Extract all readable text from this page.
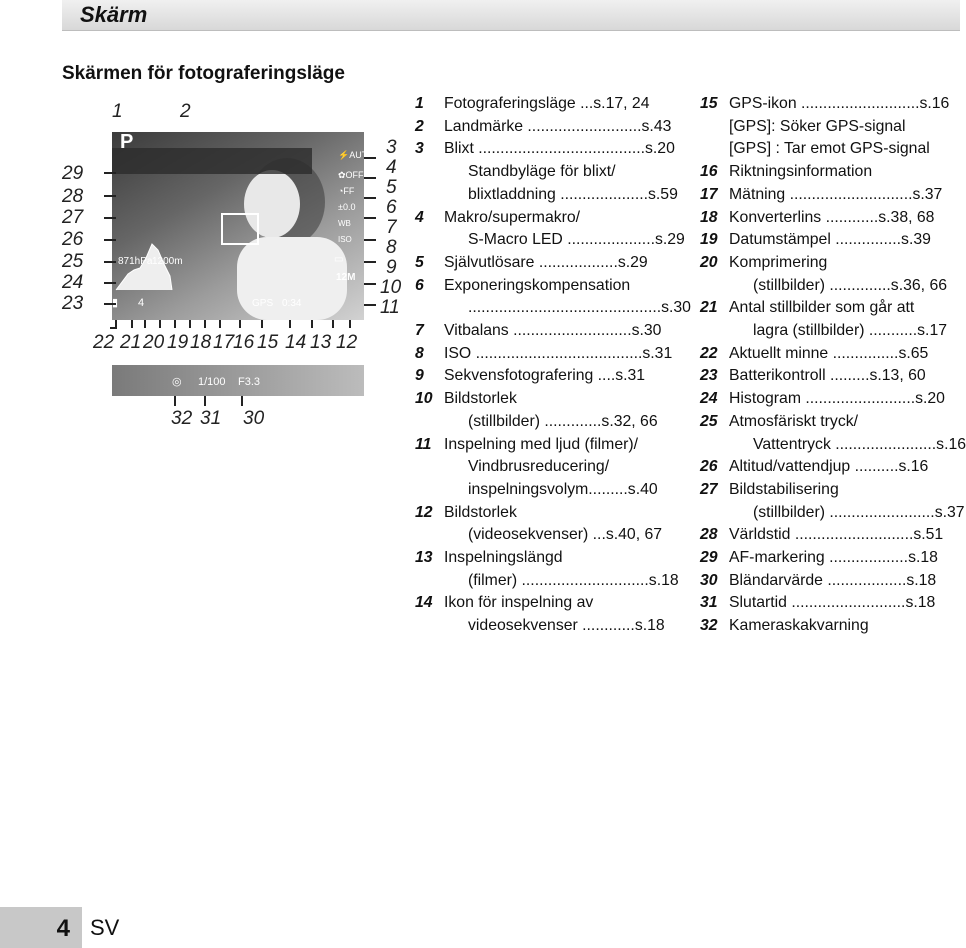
Skärm
Skärmen för fotograferingsläge
P
⚡AUTO
✿OFF
◔FF
±0.0
WB
ISO
▭
12M
871hPa 1200m
4	0:34
▮	GPS
◎ 1/100 F3.3
1	2
3
4
5
6
7
8
9
10
11
12
13
14
15
16
17
18
19
20
21
22
23
24
25
26
27
28
29
30
31
32
1 Fotograferingsläge ...s.17, 24
2 Landmärke ..........................s.43
3 Blixt ......................................s.20
Standbyläge för blixt/
blixtladdning ....................s.59
4 Makro/supermakro/
S-Macro LED ....................s.29
5 Självutlösare ..................s.29
6 Exponeringskompensation
............................................s.30
7 Vitbalans ...........................s.30
8 ISO ......................................s.31
9 Sekvensfotografering ....s.31
10 Bildstorlek
(stillbilder) .............s.32, 66
11 Inspelning med ljud (filmer)/
Vindbrusreducering/
inspelningsvolym.........s.40
12 Bildstorlek
(videosekvenser) ...s.40, 67
13 Inspelningslängd
(filmer) .............................s.18
14 Ikon för inspelning av
videosekvenser ............s.18
15 GPS-ikon ...........................s.16
[GPS]: Söker GPS-signal
[GPS] : Tar emot GPS-signal
16 Riktningsinformation
17 Mätning ............................s.37
18 Konverterlins ............s.38, 68
19 Datumstämpel ...............s.39
20 Komprimering
(stillbilder) ..............s.36, 66
21 Antal stillbilder som går att
lagra (stillbilder) ...........s.17
22 Aktuellt minne ...............s.65
23 Batterikontroll .........s.13, 60
24 Histogram .........................s.20
25 Atmosfäriskt tryck/
Vattentryck .......................s.16
26 Altitud/vattendjup ..........s.16
27 Bildstabilisering
(stillbilder) ........................s.37
28 Världstid ...........................s.51
29 AF-markering ..................s.18
30 Bländarvärde ..................s.18
31 Slutartid ..........................s.18
32 Kameraskakvarning
4 SV
